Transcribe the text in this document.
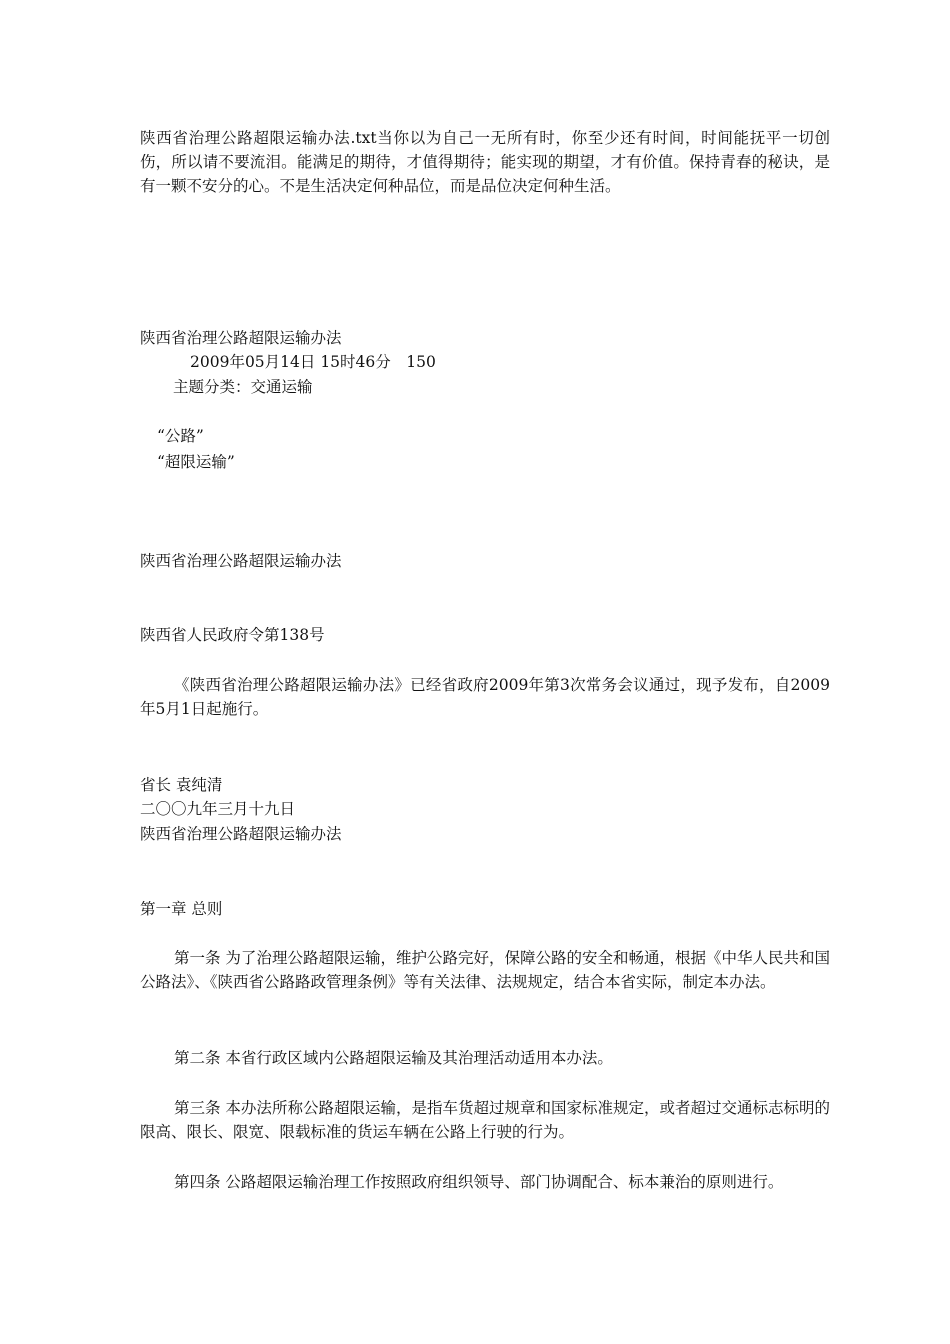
陕西省治理公路超限运输办法.txt当你以为自己一无所有时，你至少还有时间，时间能抚平一切创伤，所以请不要流泪。能满足的期待，才值得期待；能实现的期望，才有价值。保持青春的秘诀，是有一颗不安分的心。不是生活决定何种品位，而是品位决定何种生活。
陕西省治理公路超限运输办法
2009年05月14日 15时46分　150
主题分类：交通运输
“公路”
“超限运输”
陕西省治理公路超限运输办法
陕西省人民政府令第138号
《陕西省治理公路超限运输办法》已经省政府2009年第3次常务会议通过，现予发布，自2009年5月1日起施行。
省长 袁纯清
二〇〇九年三月十九日
陕西省治理公路超限运输办法
第一章 总则
第一条 为了治理公路超限运输，维护公路完好，保障公路的安全和畅通，根据《中华人民共和国公路法》、《陕西省公路路政管理条例》等有关法律、法规规定，结合本省实际，制定本办法。
第二条 本省行政区域内公路超限运输及其治理活动适用本办法。
第三条 本办法所称公路超限运输，是指车货超过规章和国家标准规定，或者超过交通标志标明的限高、限长、限宽、限载标准的货运车辆在公路上行驶的行为。
第四条 公路超限运输治理工作按照政府组织领导、部门协调配合、标本兼治的原则进行。
